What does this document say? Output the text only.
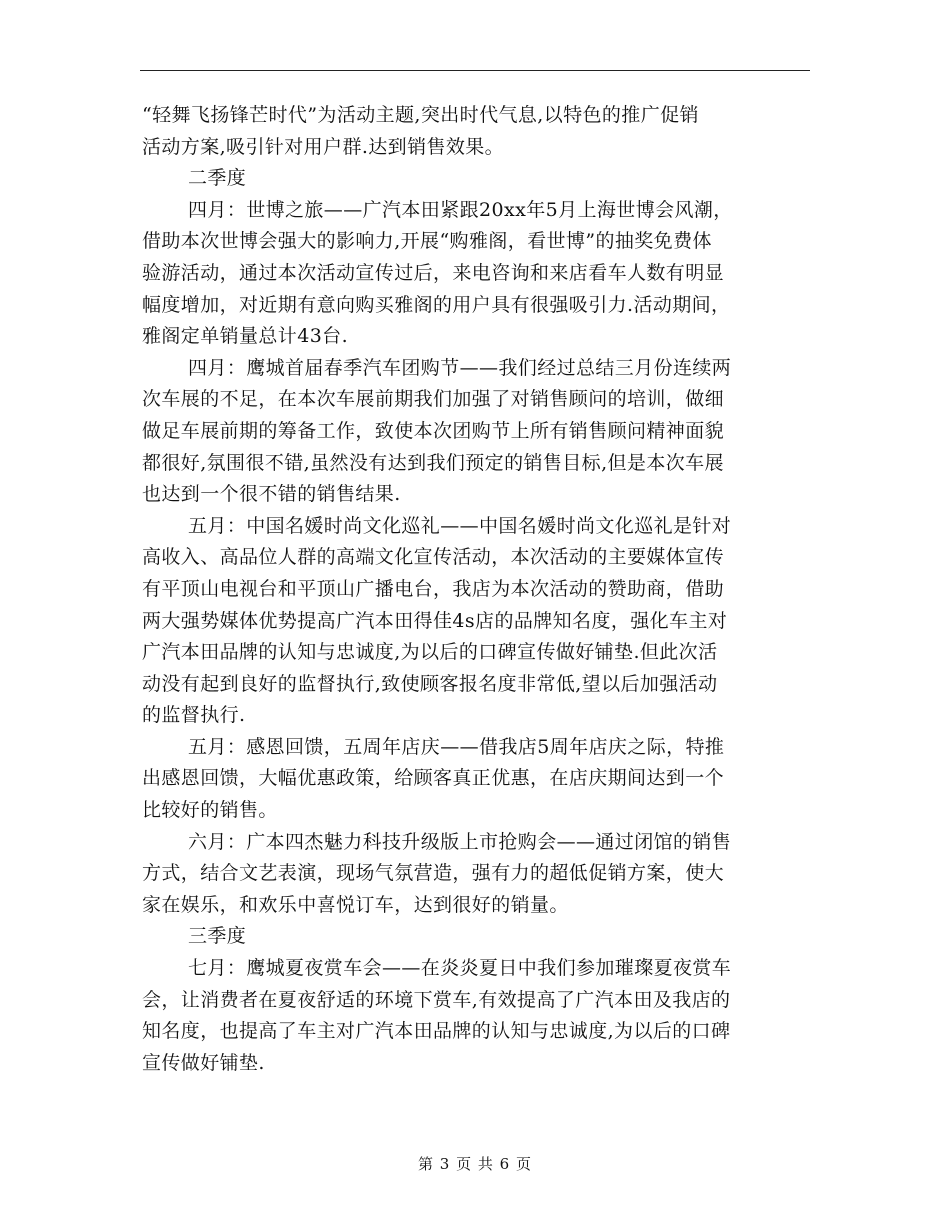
“轻舞飞扬锋芒时代”为活动主题,突出时代气息,以特色的推广促销
活动方案,吸引针对用户群.达到销售效果。
二季度
四月：世博之旅——广汽本田紧跟20xx年5月上海世博会风潮，
借助本次世博会强大的影响力,开展“购雅阁，看世博”的抽奖免费体
验游活动，通过本次活动宣传过后，来电咨询和来店看车人数有明显
幅度增加，对近期有意向购买雅阁的用户具有很强吸引力.活动期间，
雅阁定单销量总计43台.
四月：鹰城首届春季汽车团购节——我们经过总结三月份连续两
次车展的不足，在本次车展前期我们加强了对销售顾问的培训，做细
做足车展前期的筹备工作，致使本次团购节上所有销售顾问精神面貌
都很好,氛围很不错,虽然没有达到我们预定的销售目标,但是本次车展
也达到一个很不错的销售结果.
五月：中国名媛时尚文化巡礼——中国名媛时尚文化巡礼是针对
高收入、高品位人群的高端文化宣传活动，本次活动的主要媒体宣传
有平顶山电视台和平顶山广播电台，我店为本次活动的赞助商，借助
两大强势媒体优势提高广汽本田得佳4s店的品牌知名度，强化车主对
广汽本田品牌的认知与忠诚度,为以后的口碑宣传做好铺垫.但此次活
动没有起到良好的监督执行,致使顾客报名度非常低,望以后加强活动
的监督执行.
五月：感恩回馈，五周年店庆——借我店5周年店庆之际，特推
出感恩回馈，大幅优惠政策，给顾客真正优惠，在店庆期间达到一个
比较好的销售。
六月：广本四杰魅力科技升级版上市抢购会——通过闭馆的销售
方式，结合文艺表演，现场气氛营造，强有力的超低促销方案，使大
家在娱乐，和欢乐中喜悦订车，达到很好的销量。
三季度
七月：鹰城夏夜赏车会——在炎炎夏日中我们参加璀璨夏夜赏车
会，让消费者在夏夜舒适的环境下赏车,有效提高了广汽本田及我店的
知名度，也提高了车主对广汽本田品牌的认知与忠诚度,为以后的口碑
宣传做好铺垫.
第 3 页 共 6 页
